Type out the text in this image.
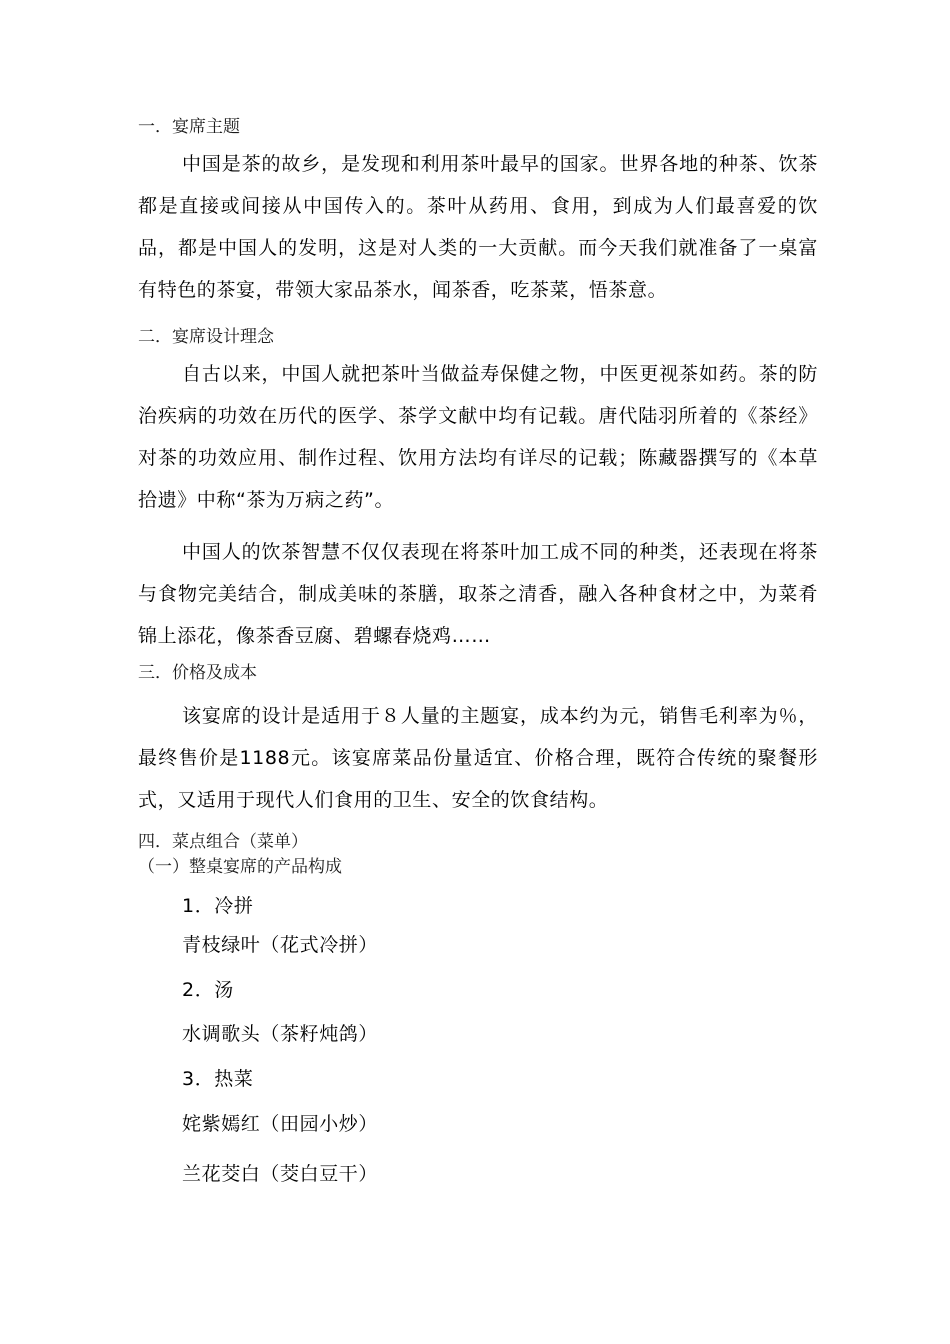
一．宴席主题

中国是茶的故乡，是发现和利用茶叶最早的国家。世界各地的种茶、饮茶都是直接或间接从中国传入的。茶叶从药用、食用，到成为人们最喜爱的饮品，都是中国人的发明，这是对人类的一大贡献。而今天我们就准备了一桌富有特色的茶宴，带领大家品茶水，闻茶香，吃茶菜，悟茶意。

二．宴席设计理念

自古以来，中国人就把茶叶当做益寿保健之物，中医更视茶如药。茶的防治疾病的功效在历代的医学、茶学文献中均有记载。唐代陆羽所着的《茶经》对茶的功效应用、制作过程、饮用方法均有详尽的记载；陈藏器撰写的《本草拾遗》中称“茶为万病之药”。

中国人的饮茶智慧不仅仅表现在将茶叶加工成不同的种类，还表现在将茶与食物完美结合，制成美味的茶膳，取茶之清香，融入各种食材之中，为菜肴锦上添花，像茶香豆腐、碧螺春烧鸡……

三．价格及成本

该宴席的设计是适用于８人量的主题宴，成本约为元，销售毛利率为％，最终售价是1188元。该宴席菜品份量适宜、价格合理，既符合传统的聚餐形式，又适用于现代人们食用的卫生、安全的饮食结构。

四．菜点组合（菜单）
（一）整桌宴席的产品构成
1．冷拼
青枝绿叶（花式冷拼）
2．汤
水调歌头（茶籽炖鸽）
3．热菜
姹紫嫣红（田园小炒）
兰花茭白（茭白豆干）
